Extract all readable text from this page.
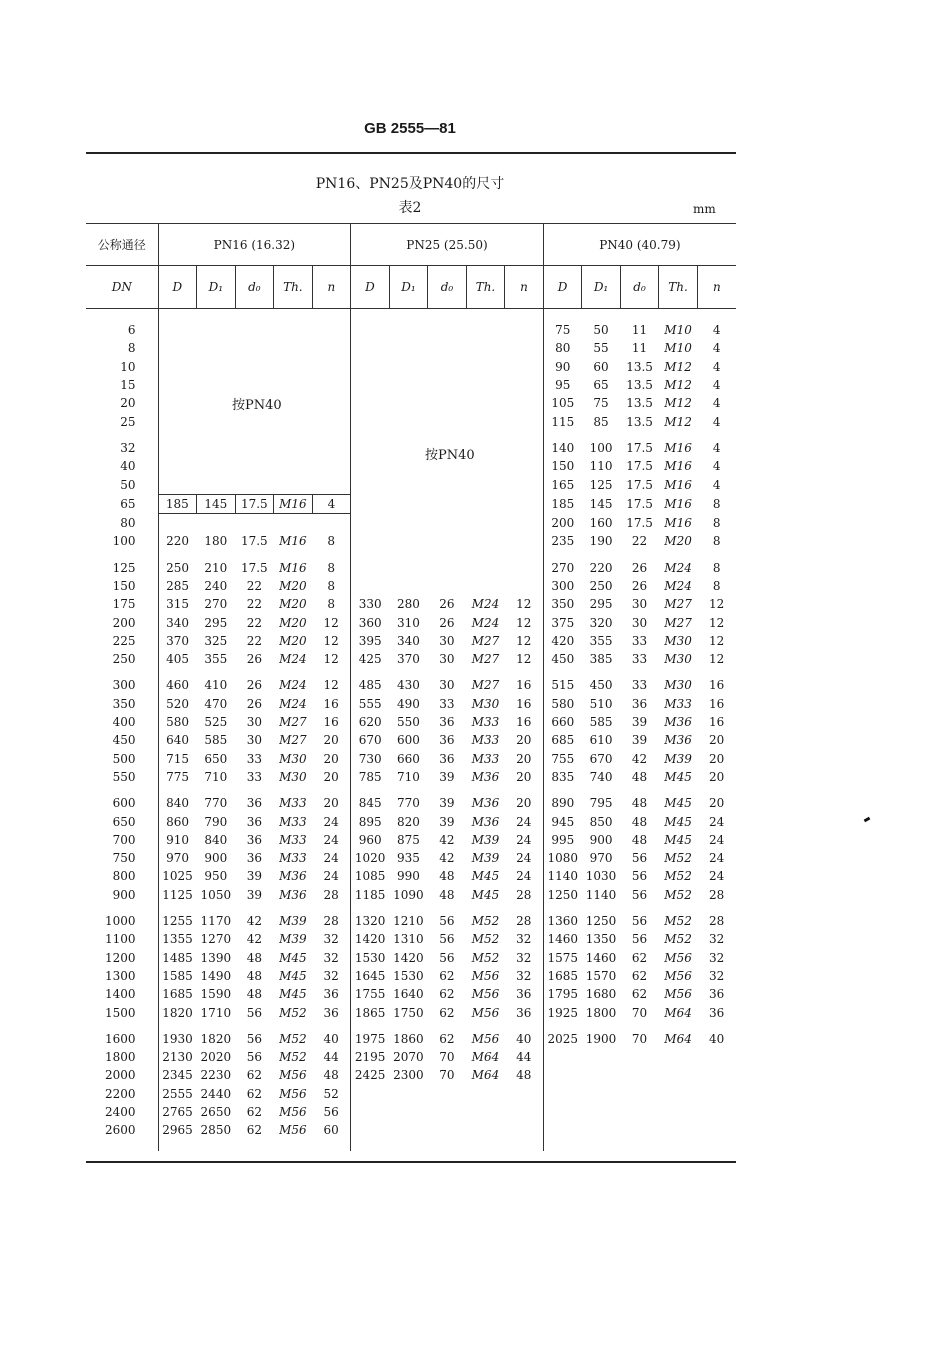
GB 2555—81
PN16、PN25及PN40的尺寸
表2	mm
公称通径	PN16 (16.32)					PN25 (25.50)					PN40 (40.79)				
DN	D	D₁	d₀	Th.	n	D	D₁	d₀	Th.	n	D	D₁	d₀	Th.	n
6											75	50	11	M10	4
8											80	55	11	M10	4
10											90	60	13.5	M12	4
15											95	65	13.5	M12	4
20											105	75	13.5	M12	4
25											115	85	13.5	M12	4
32											140	100	17.5	M16	4
40											150	110	17.5	M16	4
50											165	125	17.5	M16	4
65	185	145	17.5	M16	4						185	145	17.5	M16	8
80											200	160	17.5	M16	8
100	220	180	17.5	M16	8						235	190	22	M20	8
125	250	210	17.5	M16	8						270	220	26	M24	8
150	285	240	22	M20	8						300	250	26	M24	8
175	315	270	22	M20	8	330	280	26	M24	12	350	295	30	M27	12
200	340	295	22	M20	12	360	310	26	M24	12	375	320	30	M27	12
225	370	325	22	M20	12	395	340	30	M27	12	420	355	33	M30	12
250	405	355	26	M24	12	425	370	30	M27	12	450	385	33	M30	12
300	460	410	26	M24	12	485	430	30	M27	16	515	450	33	M30	16
350	520	470	26	M24	16	555	490	33	M30	16	580	510	36	M33	16
400	580	525	30	M27	16	620	550	36	M33	16	660	585	39	M36	16
450	640	585	30	M27	20	670	600	36	M33	20	685	610	39	M36	20
500	715	650	33	M30	20	730	660	36	M33	20	755	670	42	M39	20
550	775	710	33	M30	20	785	710	39	M36	20	835	740	48	M45	20
600	840	770	36	M33	20	845	770	39	M36	20	890	795	48	M45	20
650	860	790	36	M33	24	895	820	39	M36	24	945	850	48	M45	24
700	910	840	36	M33	24	960	875	42	M39	24	995	900	48	M45	24
750	970	900	36	M33	24	1020	935	42	M39	24	1080	970	56	M52	24
800	1025	950	39	M36	24	1085	990	48	M45	24	1140	1030	56	M52	24
900	1125	1050	39	M36	28	1185	1090	48	M45	28	1250	1140	56	M52	28
1000	1255	1170	42	M39	28	1320	1210	56	M52	28	1360	1250	56	M52	28
1100	1355	1270	42	M39	32	1420	1310	56	M52	32	1460	1350	56	M52	32
1200	1485	1390	48	M45	32	1530	1420	56	M52	32	1575	1460	62	M56	32
1300	1585	1490	48	M45	32	1645	1530	62	M56	32	1685	1570	62	M56	32
1400	1685	1590	48	M45	36	1755	1640	62	M56	36	1795	1680	62	M56	36
1500	1820	1710	56	M52	36	1865	1750	62	M56	36	1925	1800	70	M64	36
1600	1930	1820	56	M52	40	1975	1860	62	M56	40	2025	1900	70	M64	40
1800	2130	2020	56	M52	44	2195	2070	70	M64	44					
2000	2345	2230	62	M56	48	2425	2300	70	M64	48					
2200	2555	2440	62	M56	52										
2400	2765	2650	62	M56	56										
2600	2965	2850	62	M56	60										
按PN40
按PN40
